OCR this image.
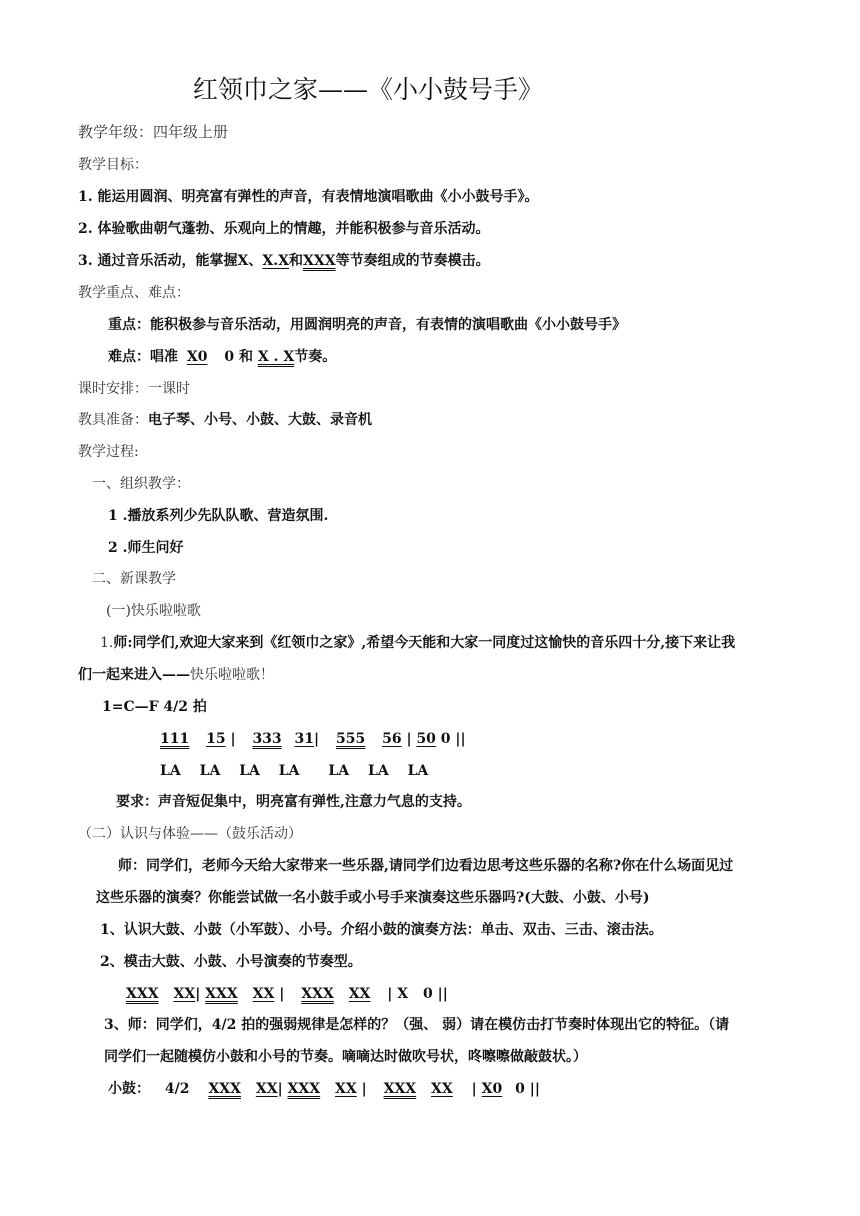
红领巾之家——《小小鼓号手》
教学年级：四年级上册
教学目标：
1. 能运用圆润、明亮富有弹性的声音，有表情地演唱歌曲《小小鼓号手》。
2. 体验歌曲朝气蓬勃、乐观向上的情趣，并能积极参与音乐活动。
3. 通过音乐活动，能掌握X、X.X和XXX等节奏组成的节奏模击。
教学重点、难点：
重点：能积极参与音乐活动，用圆润明亮的声音，有表情的演唱歌曲《小小鼓号手》
难点：唱准 X0 0 和 X . X节奏。
课时安排：一课时
教具准备：电子琴、小号、小鼓、大鼓、录音机
教学过程:
一、组织教学：
1 .播放系列少先队队歌、营造氛围.
2 .师生问好
二、新课教学
(一)快乐啦啦歌
1.师:同学们,欢迎大家来到《红领巾之家》,希望今天能和大家一同度过这愉快的音乐四十分,接下来让我
们一起来进入——快乐啦啦歌！
1=C—F 4/2 拍
111 15 | 333 31| 555 56 | 50 0 ||
LA LA LA LA LA LA LA
要求：声音短促集中，明亮富有弹性,注意力气息的支持。
（二）认识与体验——（鼓乐活动）
师：同学们，老师今天给大家带来一些乐器,请同学们边看边思考这些乐器的名称?你在什么场面见过
这些乐器的演奏？你能尝试做一名小鼓手或小号手来演奏这些乐器吗?(大鼓、小鼓、小号)
1、认识大鼓、小鼓（小军鼓）、小号。介绍小鼓的演奏方法：单击、双击、三击、滚击法。
2、模击大鼓、小鼓、小号演奏的节奏型。
XXX XX| XXX XX | XXX XX | X 0 ||
3、师：同学们，4/2 拍的强弱规律是怎样的？（强、 弱）请在模仿击打节奏时体现出它的特征。（请
同学们一起随模仿小鼓和小号的节奏。嘀嘀达时做吹号状，咚嚓嚓做敲鼓状。）
小鼓： 4/2 XXX XX| XXX XX | XXX XX | X0 0 ||
